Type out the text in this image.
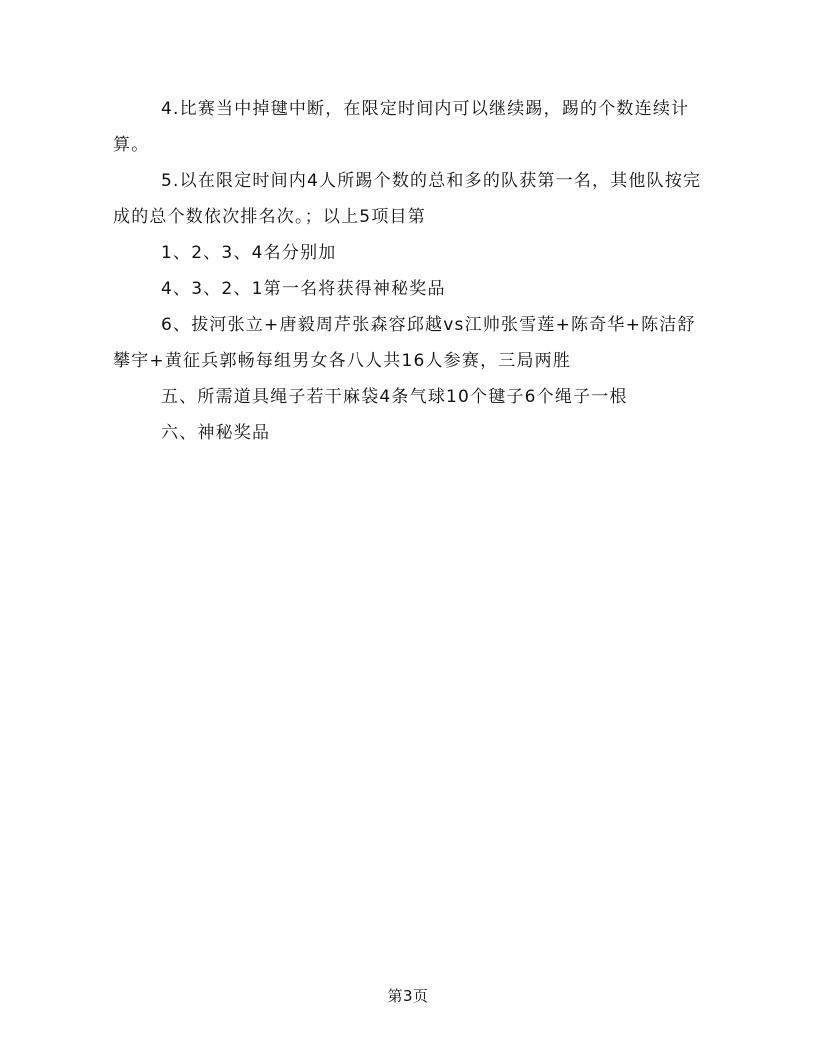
4.比赛当中掉毽中断，在限定时间内可以继续踢，踢的个数连续计算。

5.以在限定时间内4人所踢个数的总和多的队获第一名，其他队按完成的总个数依次排名次。；以上5项目第

1、2、3、4名分别加

4、3、2、1第一名将获得神秘奖品

6、拔河张立+唐毅周芹张森容邱越vs江帅张雪莲+陈奇华+陈洁舒攀宇+黄征兵郭畅每组男女各八人共16人参赛，三局两胜

五、所需道具绳子若干麻袋4条气球10个毽子6个绳子一根

六、神秘奖品

第3页
